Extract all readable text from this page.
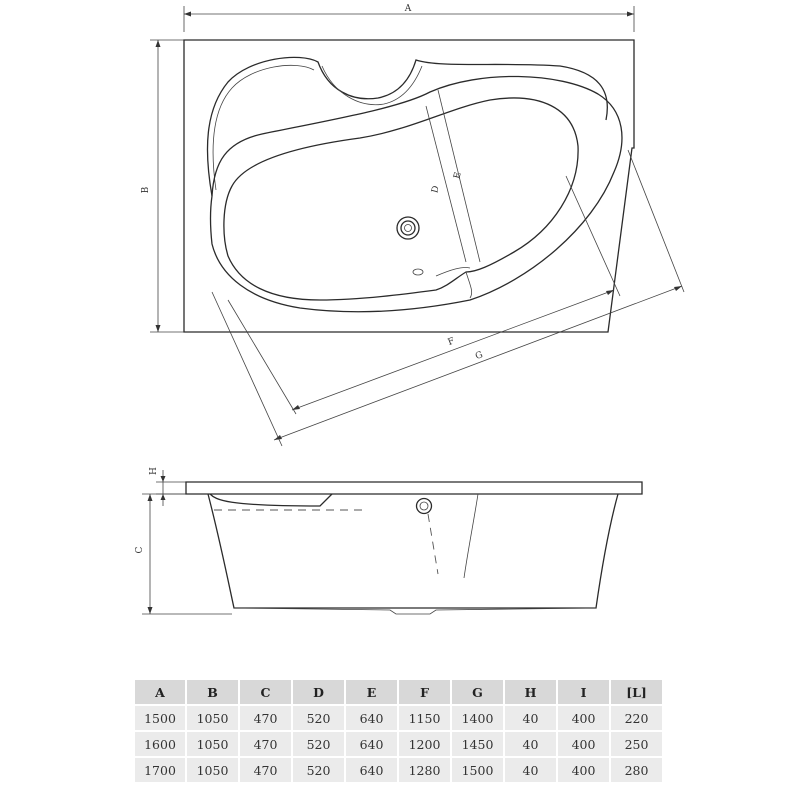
A
B	D
E
F
G
H
C
A	B	C	D	E	F	G	H	I	[L]
1500	1050	470	520	640	1150	1400	40	400	220
1600	1050	470	520	640	1200	1450	40	400	250
1700	1050	470	520	640	1280	1500	40	400	280
